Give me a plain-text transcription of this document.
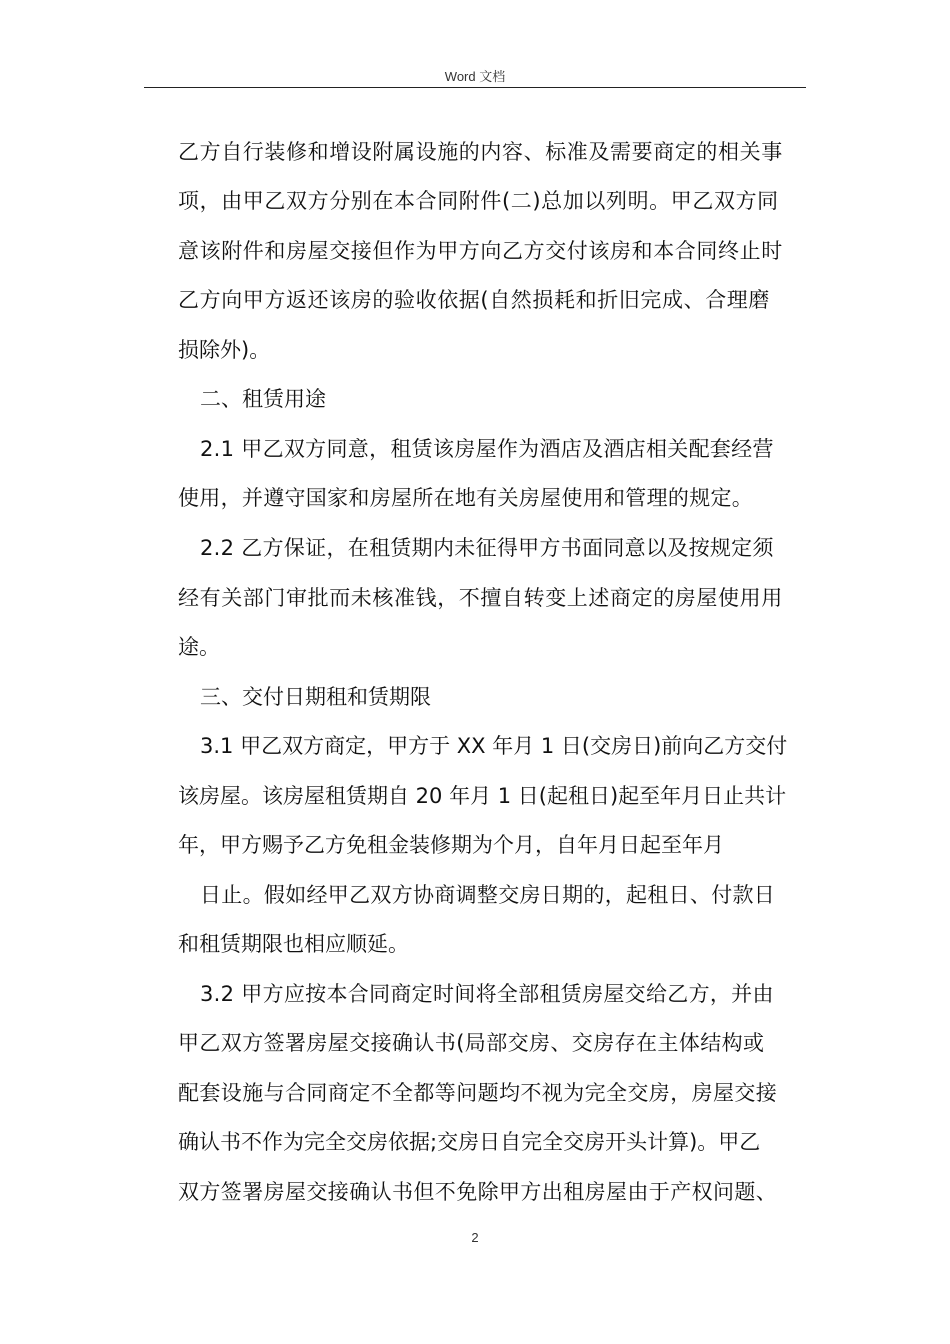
Word 文档
乙方自行装修和增设附属设施的内容、标准及需要商定的相关事
项，由甲乙双方分别在本合同附件(二)总加以列明。甲乙双方同
意该附件和房屋交接但作为甲方向乙方交付该房和本合同终止时
乙方向甲方返还该房的验收依据(自然损耗和折旧完成、合理磨
损除外)。
二、租赁用途
2.1 甲乙双方同意，租赁该房屋作为酒店及酒店相关配套经营
使用，并遵守国家和房屋所在地有关房屋使用和管理的规定。
2.2 乙方保证，在租赁期内未征得甲方书面同意以及按规定须
经有关部门审批而未核准钱，不擅自转变上述商定的房屋使用用
途。
三、交付日期租和赁期限
3.1 甲乙双方商定，甲方于 XX 年月 1 日(交房日)前向乙方交付
该房屋。该房屋租赁期自 20 年月 1 日(起租日)起至年月日止共计
年，甲方赐予乙方免租金装修期为个月，自年月日起至年月
日止。假如经甲乙双方协商调整交房日期的，起租日、付款日
和租赁期限也相应顺延。
3.2 甲方应按本合同商定时间将全部租赁房屋交给乙方，并由
甲乙双方签署房屋交接确认书(局部交房、交房存在主体结构或
配套设施与合同商定不全都等问题均不视为完全交房，房屋交接
确认书不作为完全交房依据;交房日自完全交房开头计算)。甲乙
双方签署房屋交接确认书但不免除甲方出租房屋由于产权问题、
2
